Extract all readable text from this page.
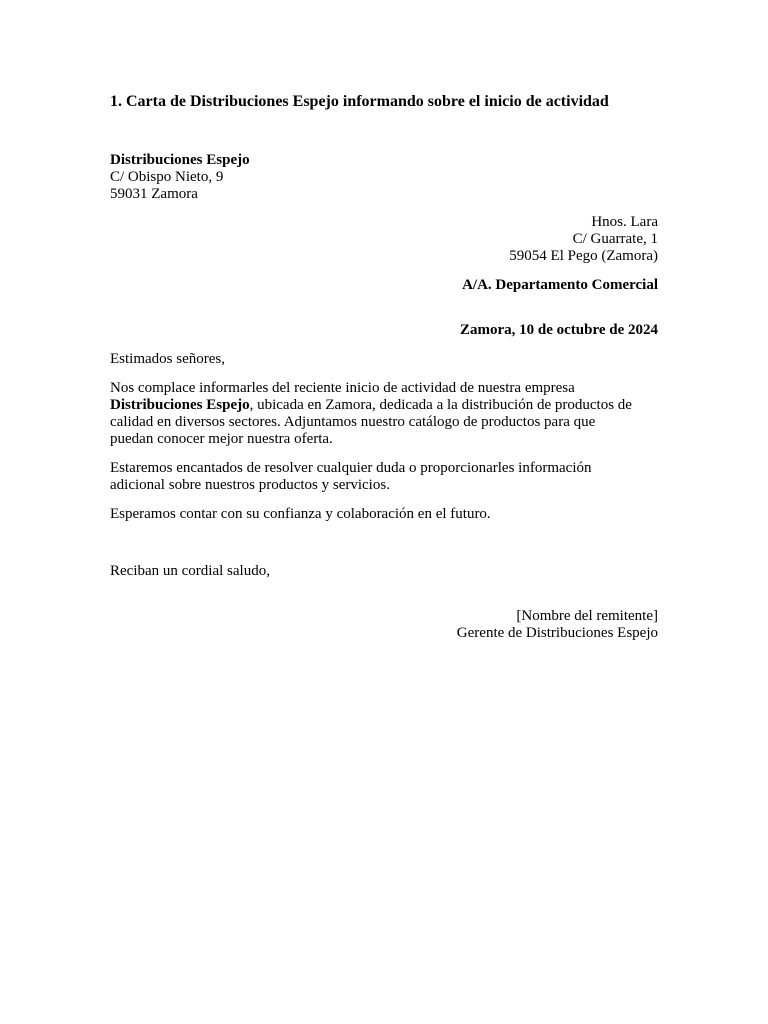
1. Carta de Distribuciones Espejo informando sobre el inicio de actividad
Distribuciones Espejo
C/ Obispo Nieto, 9
59031 Zamora
Hnos. Lara
C/ Guarrate, 1
59054 El Pego (Zamora)
A/A. Departamento Comercial
Zamora, 10 de octubre de 2024
Estimados señores,
Nos complace informarles del reciente inicio de actividad de nuestra empresa
Distribuciones Espejo, ubicada en Zamora, dedicada a la distribución de productos de
calidad en diversos sectores. Adjuntamos nuestro catálogo de productos para que
puedan conocer mejor nuestra oferta.
Estaremos encantados de resolver cualquier duda o proporcionarles información
adicional sobre nuestros productos y servicios.
Esperamos contar con su confianza y colaboración en el futuro.
Reciban un cordial saludo,
[Nombre del remitente]
Gerente de Distribuciones Espejo
